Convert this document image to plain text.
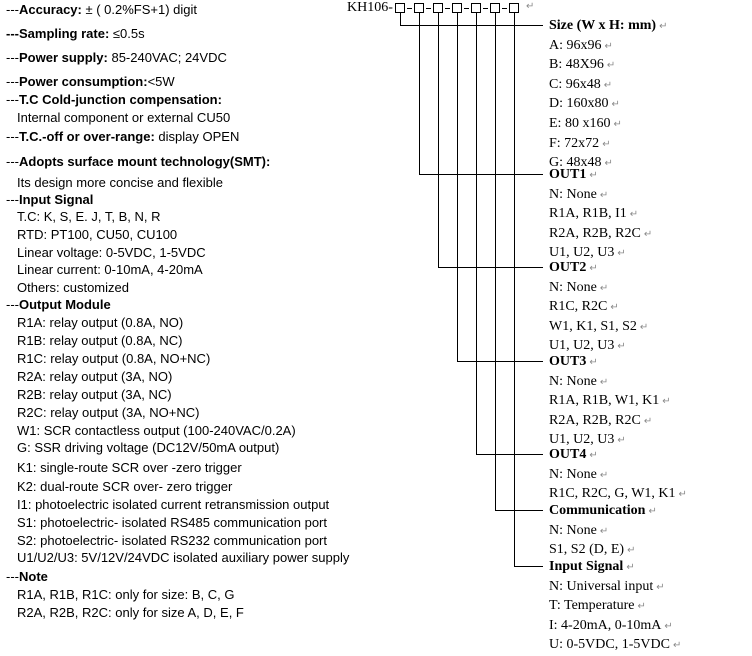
---Accuracy: ± ( 0.2%FS+1) digit
---Sampling rate: ≤0.5s
---Power supply: 85-240VAC; 24VDC
---Power consumption:<5W
---T.C Cold-junction compensation:
Internal component or external CU50
---T.C.-off or over-range: display OPEN
---Adopts surface mount technology(SMT):
Its design more concise and flexible
---Input Signal
T.C: K, S, E. J, T, B, N, R
RTD: PT100, CU50, CU100
Linear voltage: 0-5VDC, 1-5VDC
Linear current: 0-10mA, 4-20mA
Others: customized
---Output Module
R1A: relay output (0.8A, NO)
R1B: relay output (0.8A, NC)
R1C: relay output (0.8A, NO+NC)
R2A: relay output (3A, NO)
R2B: relay output (3A, NC)
R2C: relay output (3A, NO+NC)
W1: SCR contactless output (100-240VAC/0.2A)
G: SSR driving voltage (DC12V/50mA output)
K1: single-route SCR over -zero trigger
K2: dual-route SCR over- zero trigger
I1: photoelectric isolated current retransmission output
S1: photoelectric- isolated RS485 communication port
S2: photoelectric- isolated RS232 communication port
U1/U2/U3: 5V/12V/24VDC isolated auxiliary power supply
---Note
R1A, R1B, R1C: only for size: B, C, G
R2A, R2B, R2C: only for size A, D, E, F
KH106-	↵
Size (W x H: mm) ↵
A: 96x96 ↵
B: 48X96 ↵
C: 96x48 ↵
D: 160x80 ↵
E: 80 x160 ↵
F: 72x72 ↵
G: 48x48 ↵
OUT1 ↵
N: None ↵
R1A, R1B, I1 ↵
R2A, R2B, R2C ↵
U1, U2, U3 ↵
OUT2 ↵
N: None ↵
R1C, R2C ↵
W1, K1, S1, S2 ↵
U1, U2, U3 ↵
OUT3 ↵
N: None ↵
R1A, R1B, W1, K1 ↵
R2A, R2B, R2C ↵
U1, U2, U3 ↵
OUT4 ↵
N: None ↵
R1C, R2C, G, W1, K1 ↵
Communication ↵
N: None ↵
S1, S2 (D, E) ↵
Input Signal ↵
N: Universal input ↵
T: Temperature ↵
I: 4-20mA, 0-10mA ↵
U: 0-5VDC, 1-5VDC ↵
